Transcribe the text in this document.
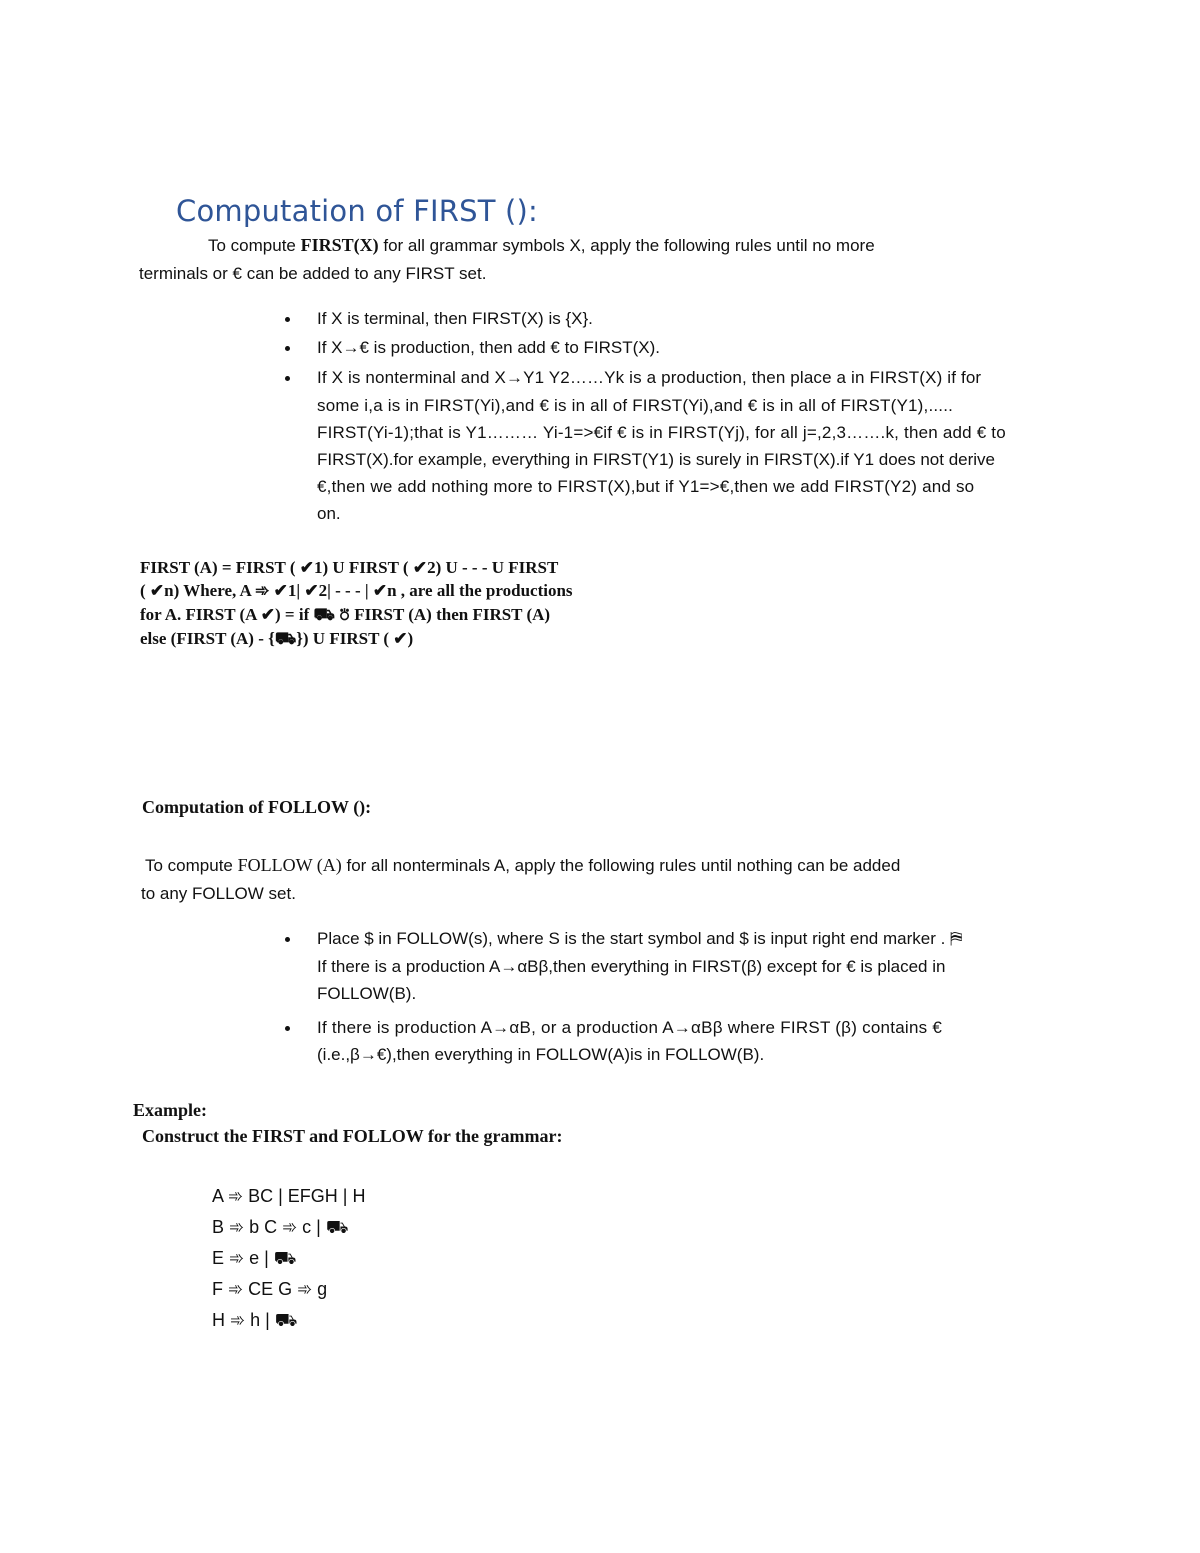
Computation of FIRST ():
To compute FIRST(X) for all grammar symbols X, apply the following rules until no more
terminals or € can be added to any FIRST set.
If X is terminal, then FIRST(X) is {X}.
If X→€ is production, then add € to FIRST(X).
If X is nonterminal and X→Y1 Y2……Yk is a production, then place a in FIRST(X) if for
some i,a is in FIRST(Yi),and € is in all of FIRST(Yi),and € is in all of FIRST(Y1),.....
FIRST(Yi-1);that is Y1……… Yi-1=>€if € is in FIRST(Yj), for all j=,2,3…….k, then add € to
FIRST(X).for example, everything in FIRST(Y1) is surely in FIRST(X).if Y1 does not derive
€,then we add nothing more to FIRST(X),but if Y1=>€,then we add FIRST(Y2) and so
on.
FIRST (A) = FIRST ( ✔1) U FIRST ( ✔2) U - - - U FIRST
( ✔n) Where, A ➾ ✔1| ✔2| - - - | ✔n , are all the productions
for A. FIRST (A ✔) = if ⛟ ⛣ FIRST (A) then FIRST (A)
else (FIRST (A) - {⛟}) U FIRST ( ✔)
Computation of FOLLOW ():
To compute FOLLOW (A) for all nonterminals A, apply the following rules until nothing can be added
to any FOLLOW set.
Place $ in FOLLOW(s), where S is the start symbol and $ is input right end marker . ⛿
If there is a production A→αBβ,then everything in FIRST(β) except for € is placed in
FOLLOW(B).
If there is production A→αB, or a production A→αBβ where FIRST (β) contains €
(i.e.,β→€),then everything in FOLLOW(A)is in FOLLOW(B).
Example:
Construct the FIRST and FOLLOW for the grammar:
A ➾ BC | EFGH | H
B ➾ b C ➾ c | ⛟
E ➾ e | ⛟
F ➾ CE G ➾ g
H ➾ h | ⛟
